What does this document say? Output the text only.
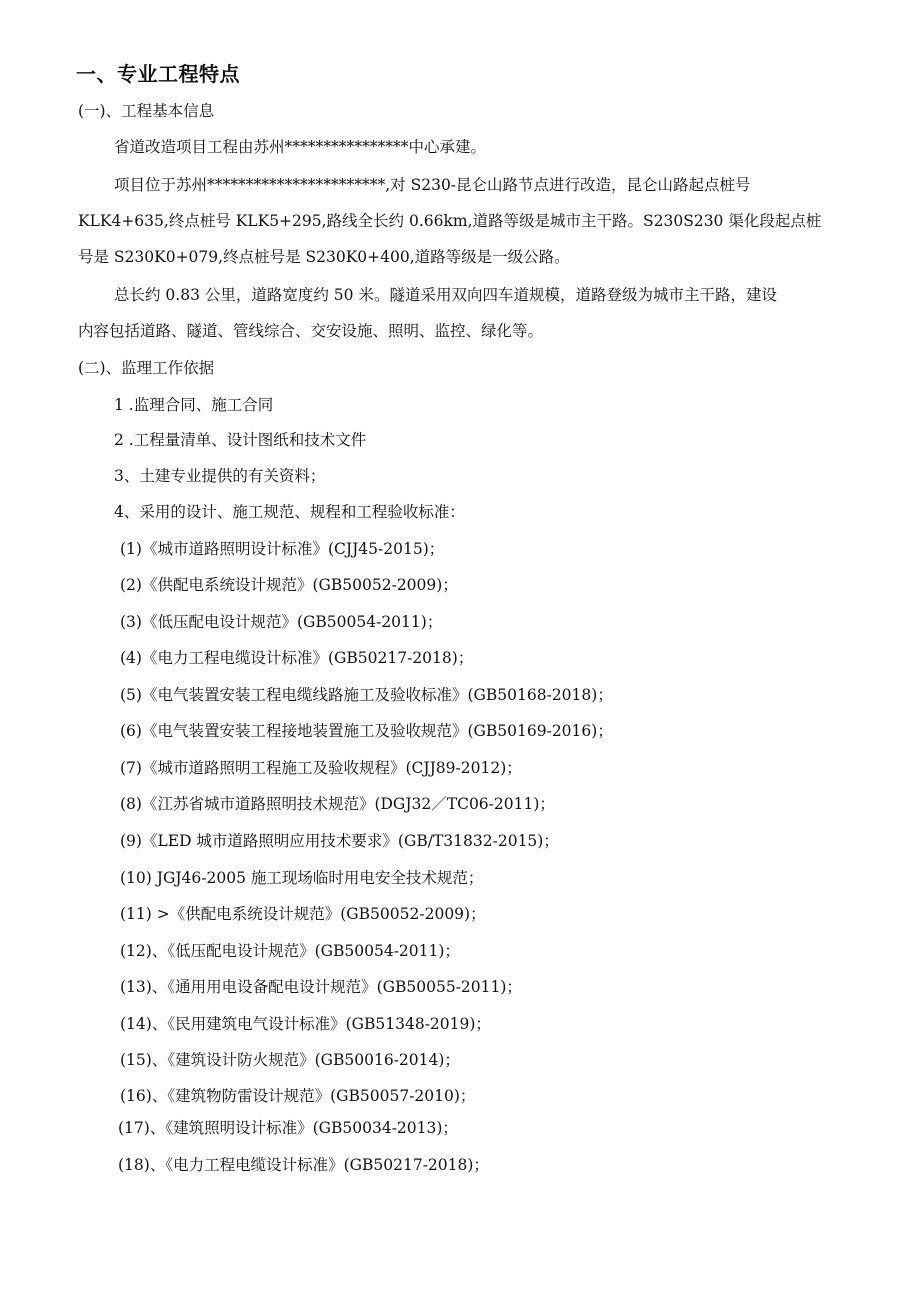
一、专业工程特点

(一)、工程基本信息

省道改造项目工程由苏州****************中心承建。

项目位于苏州***********************,对 S230-昆仑山路节点进行改造，昆仑山路起点桩号

KLK4+635,终点桩号 KLK5+295,路线全长约 0.66km,道路等级是城市主干路。S230S230 渠化段起点桩

号是 S230K0+079,终点桩号是 S230K0+400,道路等级是一级公路。

总长约 0.83 公里，道路宽度约 50 米。隧道采用双向四车道规模，道路登级为城市主干路，建设

内容包括道路、隧道、管线综合、交安设施、照明、监控、绿化等。

(二)、监理工作依据

1 .监理合同、施工合同

2 .工程量清单、设计图纸和技术文件

3、土建专业提供的有关资料；

4、采用的设计、施工规范、规程和工程验收标准：

(1)《城市道路照明设计标准》(CJJ45-2015)；

(2)《供配电系统设计规范》(GB50052-2009)；

(3)《低压配电设计规范》(GB50054-2011)；

(4)《电力工程电缆设计标准》(GB50217-2018)；

(5)《电气装置安装工程电缆线路施工及验收标准》(GB50168-2018)；

(6)《电气装置安装工程接地装置施工及验收规范》(GB50169-2016)；

(7)《城市道路照明工程施工及验收规程》(CJJ89-2012)；

(8)《江苏省城市道路照明技术规范》(DGJ32／TC06-2011)；

(9)《LED 城市道路照明应用技术要求》(GB/T31832-2015)；

(10) JGJ46-2005 施工现场临时用电安全技术规范；

(11) >《供配电系统设计规范》(GB50052-2009)；

(12)、《低压配电设计规范》(GB50054-2011)；

(13)、《通用用电设备配电设计规范》(GB50055-2011)；

(14)、《民用建筑电气设计标准》(GB51348-2019)；

(15)、《建筑设计防火规范》(GB50016-2014)；

(16)、《建筑物防雷设计规范》(GB50057-2010)；

(17)、《建筑照明设计标准》(GB50034-2013)；

(18)、《电力工程电缆设计标准》(GB50217-2018)；
